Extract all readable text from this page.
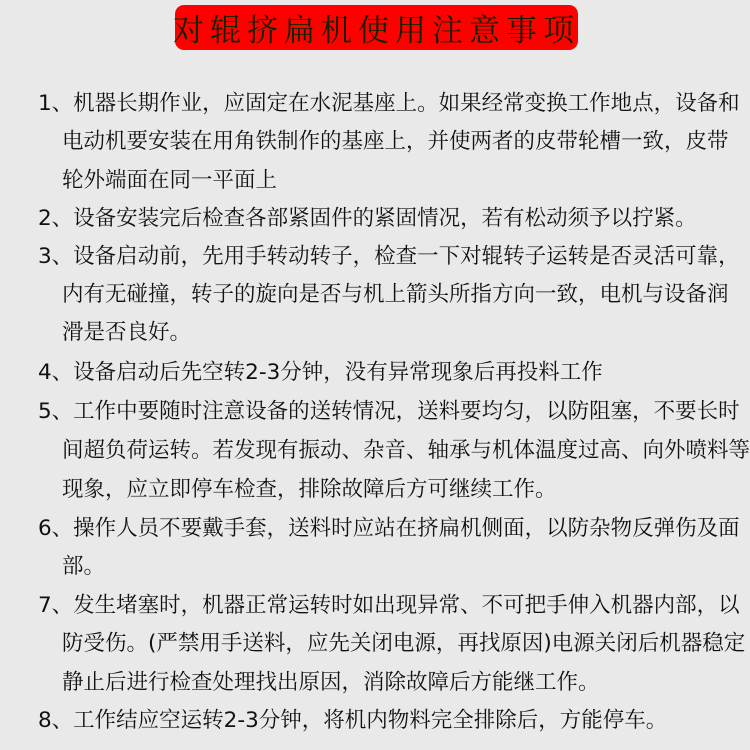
对辊挤扁机使用注意事项
1、机器长期作业，应固定在水泥基座上。如果经常变换工作地点，设备和
电动机要安装在用角铁制作的基座上，并使两者的皮带轮槽一致，皮带
轮外端面在同一平面上
2、设备安装完后检查各部紧固件的紧固情况，若有松动须予以拧紧。
3、设备启动前，先用手转动转子，检查一下对辊转子运转是否灵活可靠，
内有无碰撞，转子的旋向是否与机上箭头所指方向一致，电机与设备润
滑是否良好。
4、设备启动后先空转2-3分钟，没有异常现象后再投料工作
5、工作中要随时注意设备的送转情况，送料要均匀，以防阻塞，不要长时
间超负荷运转。若发现有振动、杂音、轴承与机体温度过高、向外喷料等
现象，应立即停车检查，排除故障后方可继续工作。
6、操作人员不要戴手套，送料时应站在挤扁机侧面，以防杂物反弹伤及面
部。
7、发生堵塞时，机器正常运转时如出现异常、不可把手伸入机器内部，以
防受伤。(严禁用手送料，应先关闭电源，再找原因)电源关闭后机器稳定
静止后进行检查处理找出原因，消除故障后方能继工作。
8、工作结应空运转2-3分钟，将机内物料完全排除后，方能停车。
